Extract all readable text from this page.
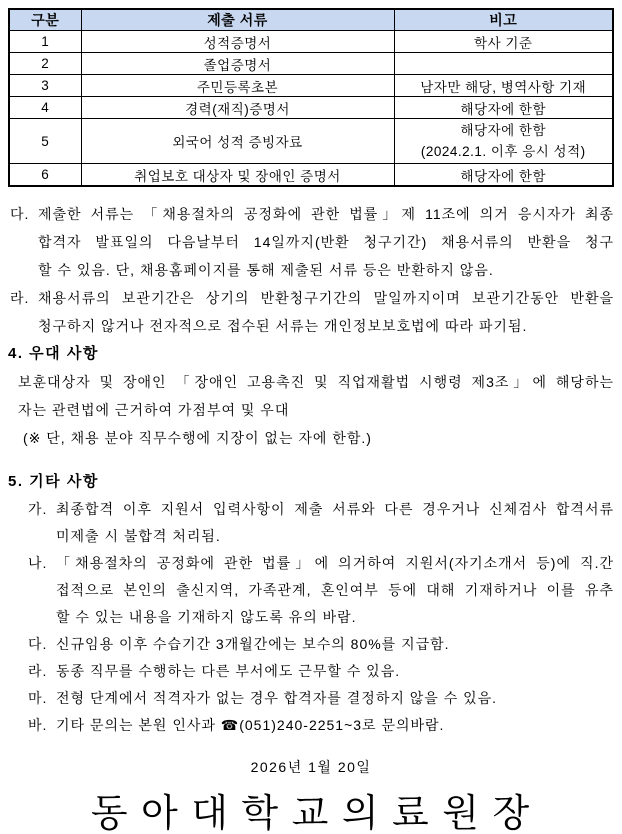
구분	제출 서류	비고
1	성적증명서	학사 기준
2	졸업증명서	
3	주민등록초본	남자만 해당, 병역사항 기재
4	경력(재직)증명서	해당자에 한함
5	외국어 성적 증빙자료	해당자에 한함
(2024.2.1. 이후 응시 성적)

6	취업보호 대상자 및 장애인 증명서	해당자에 한함
다. 제출한 서류는 「채용절차의 공정화에 관한 법률」제 11조에 의거 응시자가 최종
합격자 발표일의 다음날부터 14일까지(반환 청구기간) 채용서류의 반환을 청구
할 수 있음. 단, 채용홈페이지를 통해 제출된 서류 등은 반환하지 않음.
라. 채용서류의 보관기간은 상기의 반환청구기간의 말일까지이며 보관기간동안 반환을
청구하지 않거나 전자적으로 접수된 서류는 개인정보보호법에 따라 파기됨.
4. 우대 사항
보훈대상자 및 장애인 「장애인 고용촉진 및 직업재활법 시행령 제3조」에 해당하는
자는 관련법에 근거하여 가점부여 및 우대
(※ 단, 채용 분야 직무수행에 지장이 없는 자에 한함.)
5. 기타 사항
가. 최종합격 이후 지원서 입력사항이 제출 서류와 다른 경우거나 신체검사 합격서류
미제출 시 불합격 처리됨.
나. 「채용절차의 공정화에 관한 법률」에 의거하여 지원서(자기소개서 등)에 직.간
접적으로 본인의 출신지역, 가족관계, 혼인여부 등에 대해 기재하거나 이를 유추
할 수 있는 내용을 기재하지 않도록 유의 바람.
다. 신규임용 이후 수습기간 3개월간에는 보수의 80%를 지급함.
라. 동종 직무를 수행하는 다른 부서에도 근무할 수 있음.
마. 전형 단계에서 적격자가 없는 경우 합격자를 결정하지 않을 수 있음.
바. 기타 문의는 본원 인사과 ☎(051)240-2251~3로 문의바람.
2026년 1월 20일
동 아 대 학 교 의 료 원 장
